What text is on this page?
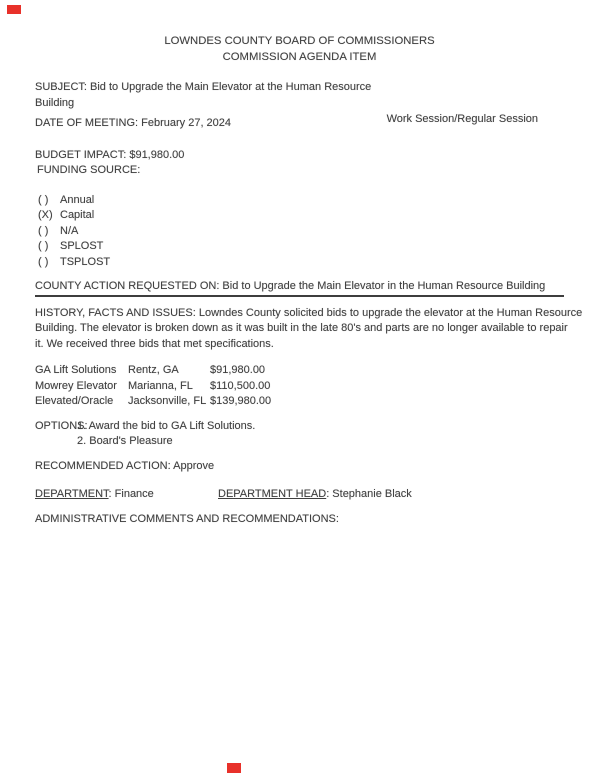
LOWNDES COUNTY BOARD OF COMMISSIONERS
COMMISSION AGENDA ITEM
SUBJECT: Bid to Upgrade the Main Elevator at the Human Resource Building
DATE OF MEETING: February 27, 2024	Work Session/Regular Session
BUDGET IMPACT: $91,980.00
FUNDING SOURCE:
( ) Annual
(X) Capital
( ) N/A
( ) SPLOST
( ) TSPLOST
COUNTY ACTION REQUESTED ON: Bid to Upgrade the Main Elevator in the Human Resource Building
HISTORY, FACTS AND ISSUES: Lowndes County solicited bids to upgrade the elevator at the Human Resource
Building. The elevator is broken down as it was built in the late 80's and parts are no longer available to repair
it. We received three bids that met specifications.
GA Lift Solutions	Rentz, GA	$91,980.00
Mowrey Elevator	Marianna, FL	$110,500.00
Elevated/Oracle	Jacksonville, FL $139,980.00
OPTIONS:
1. Award the bid to GA Lift Solutions.
2. Board's Pleasure
RECOMMENDED ACTION: Approve
DEPARTMENT: Finance	DEPARTMENT HEAD: Stephanie Black
ADMINISTRATIVE COMMENTS AND RECOMMENDATIONS:
